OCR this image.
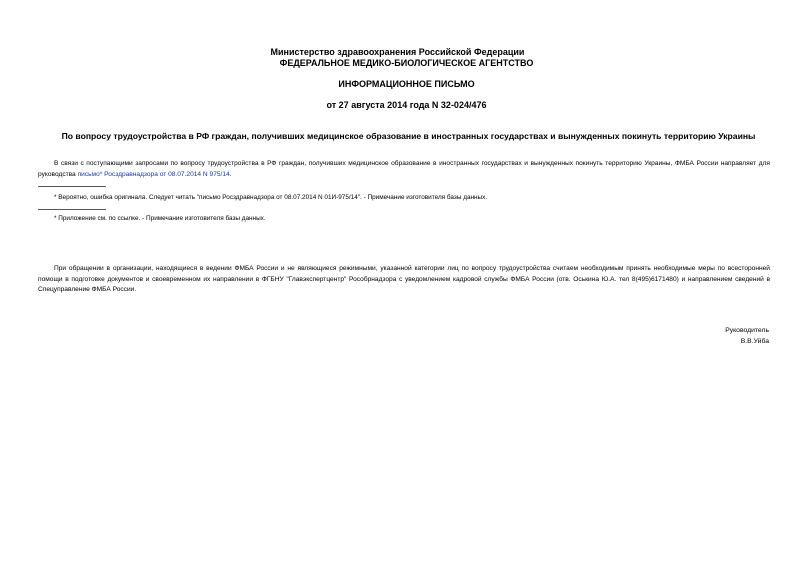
Министерство здравоохранения Российской Федерации
ФЕДЕРАЛЬНОЕ МЕДИКО-БИОЛОГИЧЕСКОЕ АГЕНТСТВО
ИНФОРМАЦИОННОЕ ПИСЬМО
от 27 августа 2014 года N 32-024/476
По вопросу трудоустройства в РФ граждан, получивших медицинское образование в иностранных государствах и вынужденных покинуть территорию Украины
В связи с поступающими запросами по вопросу трудоустройства в РФ граждан, получивших медицинское образование в иностранных государствах и вынужденных покинуть территорию Украины, ФМБА России направляет для руководства письмо* Росздравнадзора от 08.07.2014 N 975/14.
* Вероятно, ошибка оригинала. Следует читать "письмо Росздравнадзора от 08.07.2014 N 01И-975/14". - Примечание изготовителя базы данных.
* Приложение см. по ссылке. - Примечание изготовителя базы данных.
При обращении в организации, находящиеся в ведении ФМБА России и не являющиеся режимными, указанной категории лиц по вопросу трудоустройства считаем необходимым принять необходимые меры по всесторонней помощи в подготовке документов и своевременном их направлении в ФГБНУ "Главэкспертцентр" Рособрнадзора с уведомлением кадровой службы ФМБА России (отв. Оськина Ю.А. тел 8(495)6171480) и направлением сведений в Спецуправление ФМБА России.
Руководитель
В.В.Уйба
